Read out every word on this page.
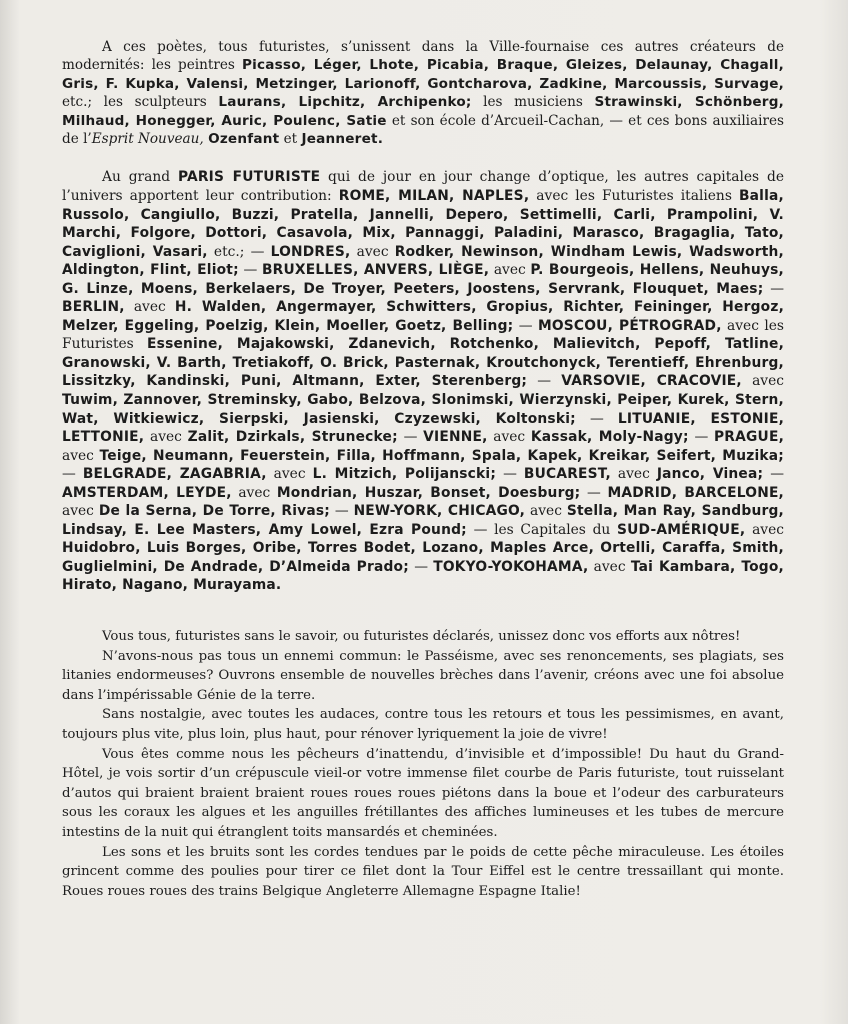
A ces poètes, tous futuristes, s’unissent dans la Ville-fournaise ces autres créateurs de modernités: les peintres Picasso, Léger, Lhote, Picabia, Braque, Gleizes, Delaunay, Chagall, Gris, F. Kupka, Valensi, Metzinger, Larionoff, Gontcharova, Zadkine, Marcoussis, Survage, etc.; les sculpteurs Laurans, Lipchitz, Archipenko; les musiciens Strawinski, Schönberg, Milhaud, Honegger, Auric, Poulenc, Satie et son école d’Arcueil-Cachan, — et ces bons auxiliaires de l’Esprit Nouveau, Ozenfant et Jeanneret.

Au grand PARIS FUTURISTE qui de jour en jour change d’optique, les autres capitales de l’univers apportent leur contribution: ROME, MILAN, NAPLES, avec les Futuristes italiens Balla, Russolo, Cangiullo, Buzzi, Pratella, Jannelli, Depero, Settimelli, Carli, Prampolini, V. Marchi, Folgore, Dottori, Casavola, Mix, Pannaggi, Paladini, Marasco, Bragaglia, Tato, Caviglioni, Vasari, etc.; — LONDRES, avec Rodker, Newinson, Windham Lewis, Wadsworth, Aldington, Flint, Eliot; — BRUXELLES, ANVERS, LIÈGE, avec P. Bourgeois, Hellens, Neuhuys, G. Linze, Moens, Berkelaers, De Troyer, Peeters, Joostens, Servrank, Flouquet, Maes; — BERLIN, avec H. Walden, Angermayer, Schwitters, Gropius, Richter, Feininger, Hergoz, Melzer, Eggeling, Poelzig, Klein, Moeller, Goetz, Belling; — MOSCOU, PÉTROGRAD, avec les Futuristes Essenine, Majakowski, Zdanevich, Rotchenko, Malievitch, Pepoff, Tatline, Granowski, V. Barth, Tretiakoff, O. Brick, Pasternak, Kroutchonyck, Terentieff, Ehrenburg, Lissitzky, Kandinski, Puni, Altmann, Exter, Sterenberg; — VARSOVIE, CRACOVIE, avec Tuwim, Zannover, Streminsky, Gabo, Belzova, Slonimski, Wierzynski, Peiper, Kurek, Stern, Wat, Witkiewicz, Sierpski, Jasienski, Czyzewski, Koltonski; — LITUANIE, ESTONIE, LETTONIE, avec Zalit, Dzirkals, Strunecke; — VIENNE, avec Kassak, Moly-Nagy; — PRAGUE, avec Teige, Neumann, Feuerstein, Filla, Hoffmann, Spala, Kapek, Kreikar, Seifert, Muzika; — BELGRADE, ZAGABRIA, avec L. Mitzich, Polijanscki; — BUCAREST, avec Janco, Vinea; — AMSTERDAM, LEYDE, avec Mondrian, Huszar, Bonset, Doesburg; — MADRID, BARCELONE, avec De la Serna, De Torre, Rivas; — NEW-YORK, CHICAGO, avec Stella, Man Ray, Sandburg, Lindsay, E. Lee Masters, Amy Lowel, Ezra Pound; — les Capitales du SUD-AMÉRIQUE, avec Huidobro, Luis Borges, Oribe, Torres Bodet, Lozano, Maples Arce, Ortelli, Caraffa, Smith, Guglielmini, De Andrade, D’Almeida Prado; — TOKYO-YOKOHAMA, avec Tai Kambara, Togo, Hirato, Nagano, Murayama.

Vous tous, futuristes sans le savoir, ou futuristes déclarés, unissez donc vos efforts aux nôtres!

N’avons-nous pas tous un ennemi commun: le Passéisme, avec ses renoncements, ses plagiats, ses litanies endormeuses? Ouvrons ensemble de nouvelles brèches dans l’avenir, créons avec une foi absolue dans l’impérissable Génie de la terre.

Sans nostalgie, avec toutes les audaces, contre tous les retours et tous les pessimismes, en avant, toujours plus vite, plus loin, plus haut, pour rénover lyriquement la joie de vivre!

Vous êtes comme nous les pêcheurs d’inattendu, d’invisible et d’impossible! Du haut du Grand-Hôtel, je vois sortir d’un crépuscule vieil-or votre immense filet courbe de Paris futuriste, tout ruisselant d’autos qui braient braient braient roues roues roues piétons dans la boue et l’odeur des carburateurs sous les coraux les algues et les anguilles frétillantes des affiches lumineuses et les tubes de mercure intestins de la nuit qui étranglent toits mansardés et cheminées.

Les sons et les bruits sont les cordes tendues par le poids de cette pêche miraculeuse. Les étoiles grincent comme des poulies pour tirer ce filet dont la Tour Eiffel est le centre tressaillant qui monte. Roues roues roues des trains Belgique Angleterre Allemagne Espagne Italie!
